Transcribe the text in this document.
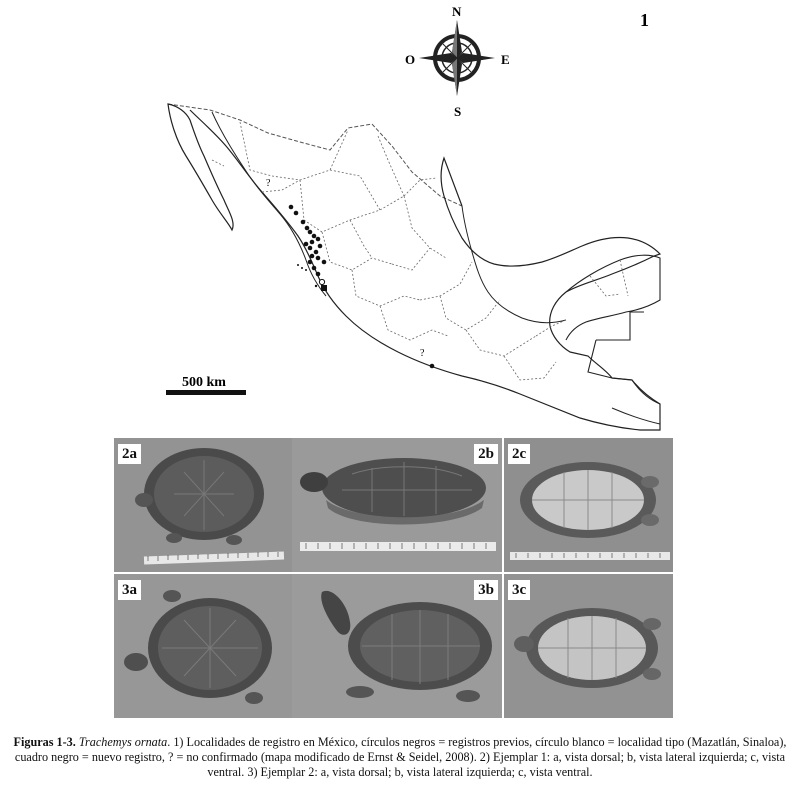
?
?
N
S
E
O
1
500 km
2a	2b 2c
3a	3b 3c
Figuras 1-3. Trachemys ornata. 1) Localidades de registro en México, círculos negros = registros previos, círculo blanco = localidad tipo (Mazatlán, Sinaloa), cuadro negro = nuevo registro, ? = no confirmado (mapa modificado de Ernst & Seidel, 2008). 2) Ejemplar 1: a, vista dorsal; b, vista lateral izquierda; c, vista ventral. 3) Ejemplar 2: a, vista dorsal; b, vista lateral izquierda; c, vista ventral.
